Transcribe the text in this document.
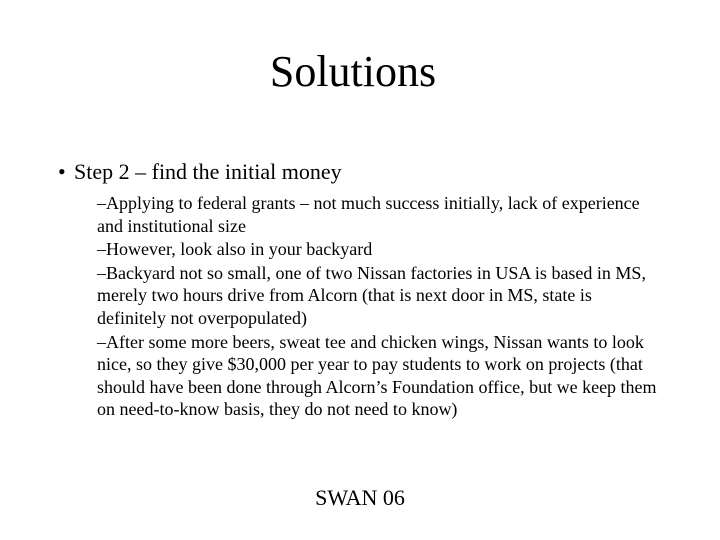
Solutions
• Step 2 – find the initial money

–Applying to federal grants – not much success initially, lack of experience and institutional size

–However, look also in your backyard

–Backyard not so small, one of two Nissan factories in USA is based in MS, merely two hours drive from Alcorn (that is next door in MS, state is definitely not overpopulated)

–After some more beers, sweat tee and chicken wings, Nissan wants to look nice, so they give $30,000 per year to pay students to work on projects (that should have been done through Alcorn’s Foundation office, but we keep them on need-to-know basis, they do not need to know)

SWAN 06
